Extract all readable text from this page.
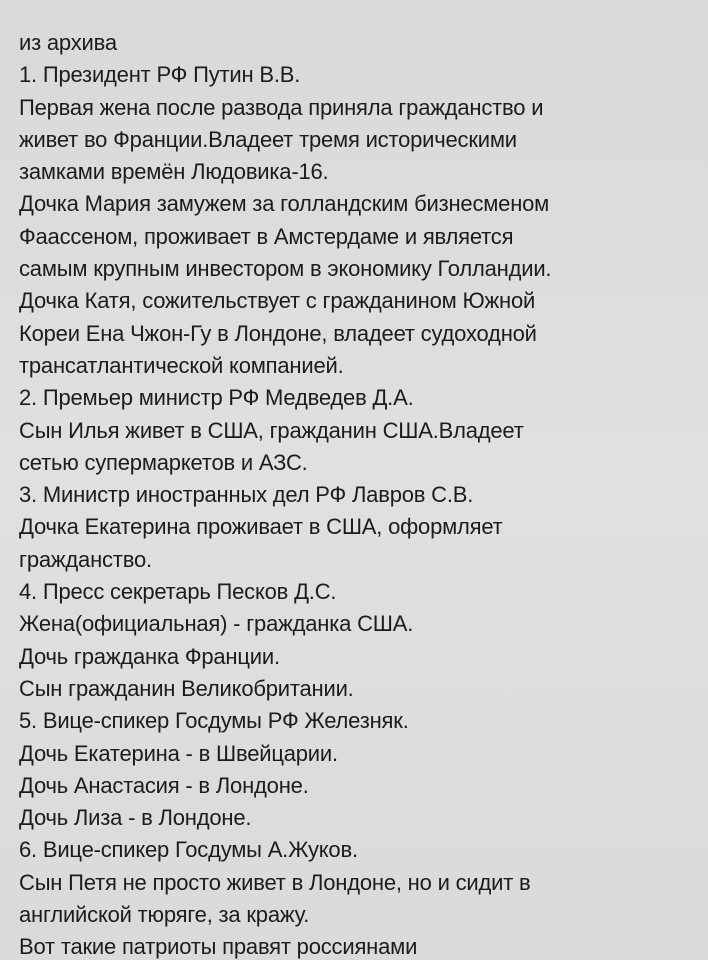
из архива
1. Президент РФ Путин В.В.
Первая жена после развода приняла гражданство и
живет во Франции.Владеет тремя историческими
замками времён Людовика-16.
Дочка Мария замужем за голландским бизнесменом
Фаассеном, проживает в Амстердаме и является
самым крупным инвестором в экономику Голландии.
Дочка Катя, сожительствует с гражданином Южной
Кореи Ена Чжон-Гу в Лондоне, владеет судоходной
трансатлантической компанией.
2. Премьер министр РФ Медведев Д.А.
Сын Илья живет в США, гражданин США.Владеет
сетью супермаркетов и АЗС.
3. Министр иностранных дел РФ Лавров С.В.
Дочка Екатерина проживает в США, оформляет
гражданство.
4. Пресс секретарь Песков Д.С.
Жена(официальная) - гражданка США.
Дочь гражданка Франции.
Сын гражданин Великобритании.
5. Вице-спикер Госдумы РФ Железняк.
Дочь Екатерина - в Швейцарии.
Дочь Анастасия - в Лондоне.
Дочь Лиза - в Лондоне.
6. Вице-спикер Госдумы А.Жуков.
Сын Петя не просто живет в Лондоне, но и сидит в
английской тюряге, за кражу.
Вот такие патриоты правят россиянами
